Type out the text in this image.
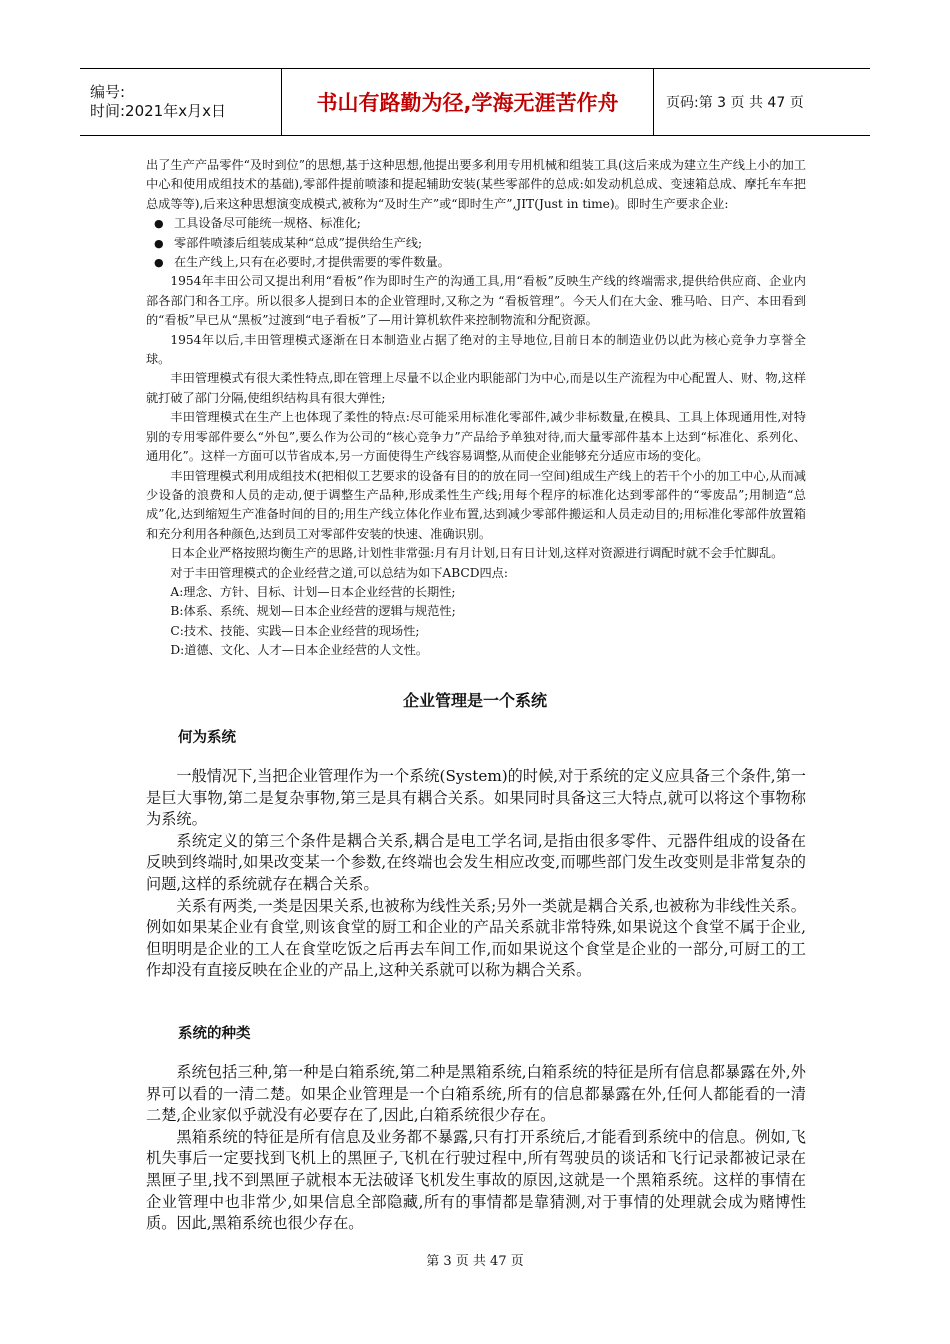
编号:
时间:2021年x月x日	书山有路勤为径,学海无涯苦作舟	页码:第 3 页 共 47 页

出了生产产品零件“及时到位”的思想,基于这种思想,他提出要多利用专用机械和组装工具(这后来成为建立生产线上小的加工中心和使用成组技术的基础),零部件提前喷漆和提起辅助安装(某些零部件的总成:如发动机总成、变速箱总成、摩托车车把总成等等),后来这种思想演变成模式,被称为“及时生产”或“即时生产”,JIT(Just in time)。即时生产要求企业:

● 工具设备尽可能统一规格、标准化;

● 零部件喷漆后组装成某种“总成”提供给生产线;

● 在生产线上,只有在必要时,才提供需要的零件数量。

1954年丰田公司又提出利用“看板”作为即时生产的沟通工具,用“看板”反映生产线的终端需求,提供给供应商、企业内部各部门和各工序。所以很多人提到日本的企业管理时,又称之为 “看板管理”。今天人们在大金、雅马哈、日产、本田看到的“看板”早已从“黑板”过渡到“电子看板”了—用计算机软件来控制物流和分配资源。

1954年以后,丰田管理模式逐渐在日本制造业占据了绝对的主导地位,目前日本的制造业仍以此为核心竞争力享誉全球。

丰田管理模式有很大柔性特点,即在管理上尽量不以企业内职能部门为中心,而是以生产流程为中心配置人、财、物,这样就打破了部门分隔,使组织结构具有很大弹性;

丰田管理模式在生产上也体现了柔性的特点:尽可能采用标准化零部件,减少非标数量,在模具、工具上体现通用性,对特别的专用零部件要么“外包”,要么作为公司的“核心竞争力”产品给予单独对待,而大量零部件基本上达到“标准化、系列化、通用化”。这样一方面可以节省成本,另一方面使得生产线容易调整,从而使企业能够充分适应市场的变化。

丰田管理模式利用成组技术(把相似工艺要求的设备有目的的放在同一空间)组成生产线上的若干个小的加工中心,从而减少设备的浪费和人员的走动,便于调整生产品种,形成柔性生产线;用每个程序的标准化达到零部件的“零废品”;用制造“总成”化,达到缩短生产准备时间的目的;用生产线立体化作业布置,达到减少零部件搬运和人员走动目的;用标准化零部件放置箱和充分利用各种颜色,达到员工对零部件安装的快速、准确识别。

日本企业严格按照均衡生产的思路,计划性非常强:月有月计划,日有日计划,这样对资源进行调配时就不会手忙脚乱。

对于丰田管理模式的企业经营之道,可以总结为如下ABCD四点:

A:理念、方针、目标、计划—日本企业经营的长期性;

B:体系、系统、规划—日本企业经营的逻辑与规范性;

C:技术、技能、实践—日本企业经营的现场性;

D:道德、文化、人才—日本企业经营的人文性。

企业管理是一个系统
何为系统

一般情况下,当把企业管理作为一个系统(System)的时候,对于系统的定义应具备三个条件,第一是巨大事物,第二是复杂事物,第三是具有耦合关系。如果同时具备这三大特点,就可以将这个事物称为系统。

系统定义的第三个条件是耦合关系,耦合是电工学名词,是指由很多零件、元器件组成的设备在反映到终端时,如果改变某一个参数,在终端也会发生相应改变,而哪些部门发生改变则是非常复杂的问题,这样的系统就存在耦合关系。

关系有两类,一类是因果关系,也被称为线性关系;另外一类就是耦合关系,也被称为非线性关系。例如如果某企业有食堂,则该食堂的厨工和企业的产品关系就非常特殊,如果说这个食堂不属于企业,但明明是企业的工人在食堂吃饭之后再去车间工作,而如果说这个食堂是企业的一部分,可厨工的工作却没有直接反映在企业的产品上,这种关系就可以称为耦合关系。

系统的种类

系统包括三种,第一种是白箱系统,第二种是黑箱系统,白箱系统的特征是所有信息都暴露在外,外界可以看的一清二楚。如果企业管理是一个白箱系统,所有的信息都暴露在外,任何人都能看的一清二楚,企业家似乎就没有必要存在了,因此,白箱系统很少存在。

黑箱系统的特征是所有信息及业务都不暴露,只有打开系统后,才能看到系统中的信息。例如,飞机失事后一定要找到飞机上的黑匣子,飞机在行驶过程中,所有驾驶员的谈话和飞行记录都被记录在黑匣子里,找不到黑匣子就根本无法破译飞机发生事故的原因,这就是一个黑箱系统。这样的事情在企业管理中也非常少,如果信息全部隐藏,所有的事情都是靠猜测,对于事情的处理就会成为赌博性质。因此,黑箱系统也很少存在。

第 3 页 共 47 页
